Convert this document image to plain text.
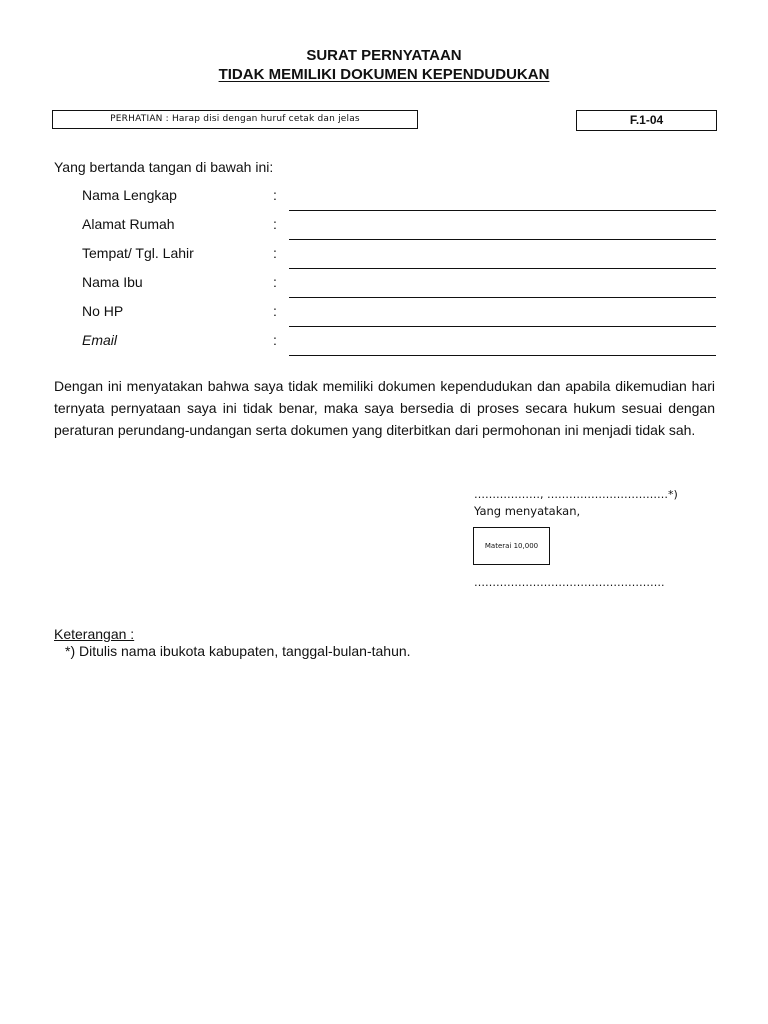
SURAT PERNYATAAN
TIDAK MEMILIKI DOKUMEN KEPENDUDUKAN
PERHATIAN : Harap disi dengan huruf cetak dan jelas	F.1-04
Yang bertanda tangan di bawah ini:
Nama Lengkap	:
Alamat Rumah	:
Tempat/ Tgl. Lahir	:
Nama Ibu	:
No HP	:
Email	:
Dengan ini menyatakan bahwa saya tidak memiliki dokumen kependudukan dan apabila dikemudian hari ternyata pernyataan saya ini tidak benar, maka saya bersedia di proses secara hukum sesuai dengan peraturan perundang-undangan serta dokumen yang diterbitkan dari permohonan ini menjadi tidak sah.
………………, ……………………………*)
Yang menyatakan,
Materai 10,000
…………………………………………….
Keterangan :
*) Ditulis nama ibukota kabupaten, tanggal-bulan-tahun.
